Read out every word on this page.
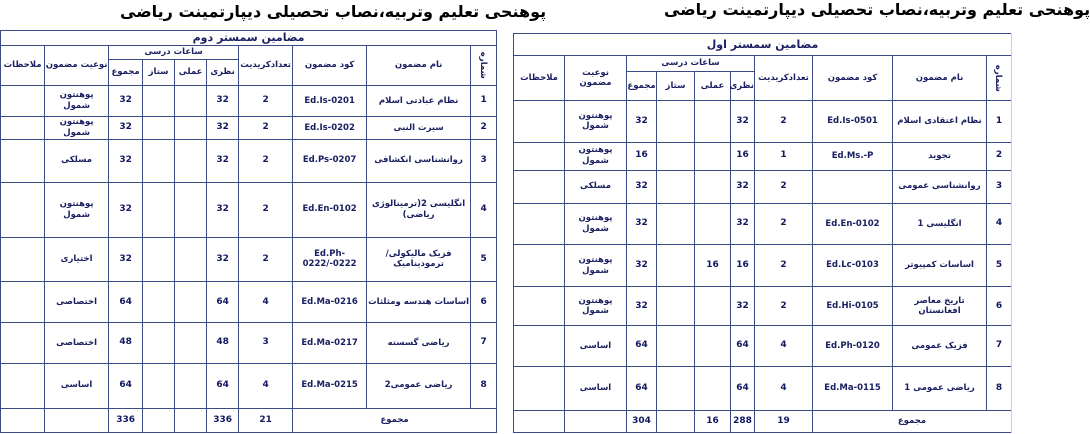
پوهنحی تعلیم وتربیه،نصاب تحصیلی دیپارتمینت ریاضی	پوهنحی تعلیم وتربیه،نصاب تحصیلی دیپارتمینت ریاضی
مضامین سمستر دوم									
شماره	نام مضمون	کود مضمون	تعدادکریدیت	ساعات درسی				نوعیت مضمون	ملاحظات
				نظری	عملی	ستاز	مجموع		
1	نظام عبادتی اسلام	Ed.Is-0201	2	32			32	پوهنتون شمول	
2	سیرت النبی	Ed.Is-0202	2	32			32	پوهنتون شمول	
3	روانشناسی انکشافی	Ed.Ps-0207	2	32			32	مسلکی	
4	انگلیسی 2(ترمینالوژی ریاضی)	Ed.En-0102	2	32			32	پوهنتون شمول	
5	فزیک مالیکولی/ ترمودینامیک	Ed.Ph-0222/-0222	2	32			32	اختیاری	
6	اساسات هندسه ومثلثات	Ed.Ma-0216	4	64			64	اختصاصی	
7	ریاضی گسسته	Ed.Ma-0217	3	48			48	اختصاصی	
8	ریاضی عمومی2	Ed.Ma-0215	4	64			64	اساسی	
مجموع			21	336			336		
مضامین سمستر اول									
شماره	نام مضمون	کود مضمون	تعدادکریدیت	ساعات درسی				نوعیت مضمون	ملاحظات
				نظری	عملی	ستاز	مجموع		
1	نظام اعتقادی اسلام	Ed.Is-0501	2	32			32	پوهنتون شمول	
2	تجوید	Ed.Ms.-P	1	16			16	پوهنتون شمول	
3	روانشناسی عمومی		2	32			32	مسلکی	
4	انگلیسی 1	Ed.En-0102	2	32			32	پوهنتون شمول	
5	اساسات کمپیوتر	Ed.Lc-0103	2	16	16		32	پوهنتون شمول	
6	تاریخ معاصر افغانستان	Ed.Hi-0105	2	32			32	پوهنتون شمول	
7	فزیک عمومی	Ed.Ph-0120	4	64			64	اساسی	
8	ریاضی عمومی 1	Ed.Ma-0115	4	64			64	اساسی	
مجموع			19	288	16		304		
